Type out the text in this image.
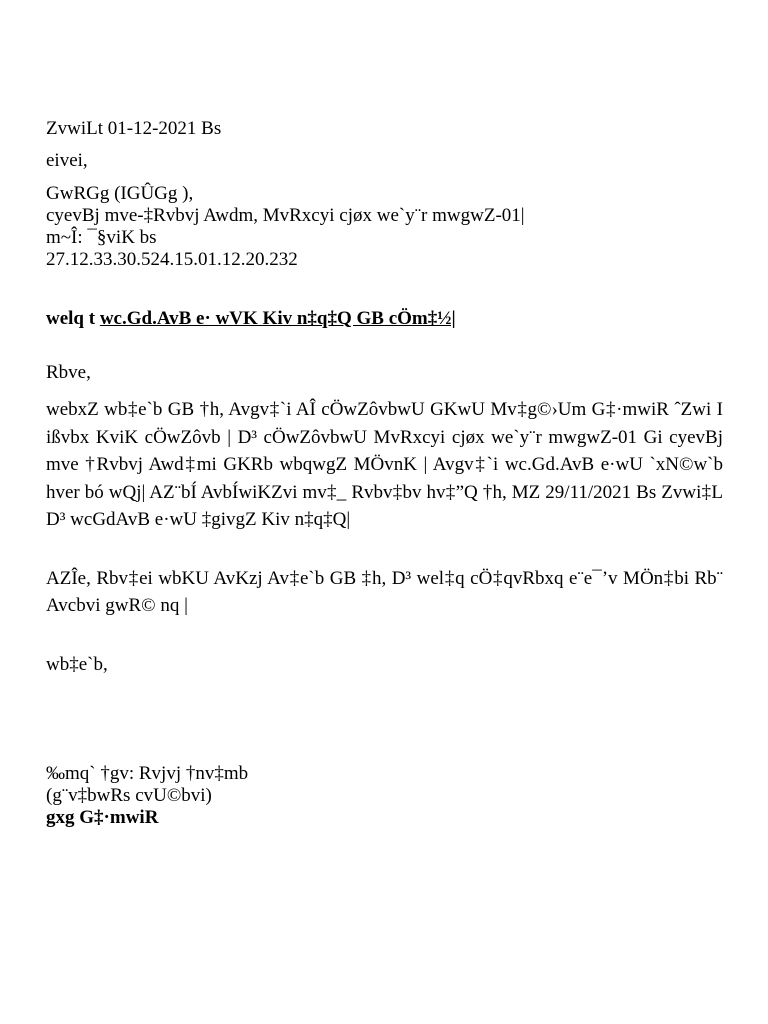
ZvwiLt 01-12-2021 Bs
eivei,
GwRGg (IGÛGg ),
cyevBj mve-‡Rvbvj Awdm, MvRxcyi cjøx we`y¨r mwgwZ-01|
m~Î: ¯§viK bs
27.12.33.30.524.15.01.12.20.232
welq t wc.Gd.AvB e· wVK Kiv n‡q‡Q GB cÖm‡½|
Rbve,

webxZ wb‡e`b GB †h, Avgv‡`i AÎ cÖwZôvbwU GKwU Mv‡g©›Um G‡·mwiR ˆZwi I ißvbx KviK cÖwZôvb | D³ cÖwZôvbwU MvRxcyi cjøx we`y¨r mwgwZ-01 Gi cyevBj mve †Rvbvj Awd‡mi GKRb wbqwgZ MÖvnK | Avgv‡`i wc.Gd.AvB e·wU `xN©w`b hver bó wQj| AZ¨bÍ AvbÍwiKZvi mv‡_ Rvbv‡bv hv‡”Q †h, MZ 29/11/2021 Bs Zvwi‡L D³ wcGdAvB e·wU ‡givgZ Kiv n‡q‡Q|

AZÎe, Rbv‡ei wbKU AvKzj Av‡e`b GB ‡h, D³ wel‡q cÖ‡qvRbxq e¨e¯’v MÖn‡bi Rb¨ Avcbvi gwR© nq |

wb‡e`b,
‰mq` †gv: Rvjvj †nv‡mb
(g¨v‡bwRs cvU©bvi)
gxg G‡·mwiR
